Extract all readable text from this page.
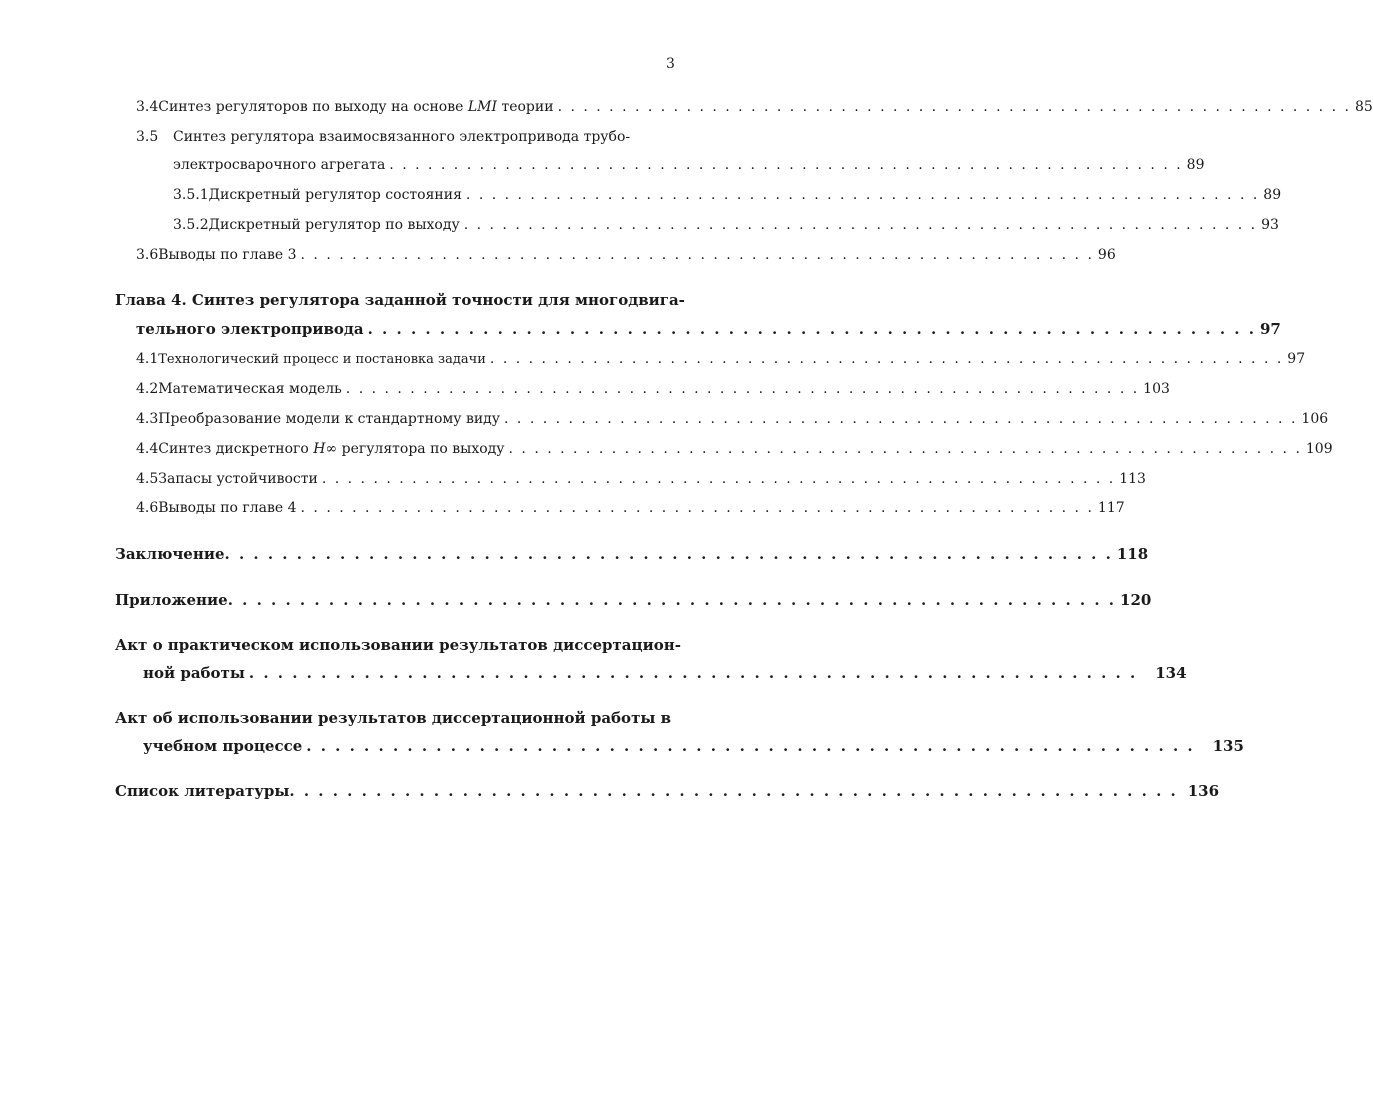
3
3.4 Синтез регуляторов по выходу на основе LMI теории . . . . . . . . . . . . . . . . . . . . . . . . . . . . . . . . . . . . . . . . . . . . . . . . . . . . . . . . . . . . . . 85
3.5 Синтез регулятора взаимосвязанного электропривода трубо-
электросварочного агрегата . . . . . . . . . . . . . . . . . . . . . . . . . . . . . . . . . . . . . . . . . . . . . . . . . . . . . . . . . . . . . . 89
3.5.1 Дискретный регулятор состояния . . . . . . . . . . . . . . . . . . . . . . . . . . . . . . . . . . . . . . . . . . . . . . . . . . . . . . . . . . . . . . 89
3.5.2 Дискретный регулятор по выходу . . . . . . . . . . . . . . . . . . . . . . . . . . . . . . . . . . . . . . . . . . . . . . . . . . . . . . . . . . . . . . 93
3.6 Выводы по главе 3 . . . . . . . . . . . . . . . . . . . . . . . . . . . . . . . . . . . . . . . . . . . . . . . . . . . . . . . . . . . . . . 96
Глава 4. Синтез регулятора заданной точности для многодвига-
тельного электропривода . . . . . . . . . . . . . . . . . . . . . . . . . . . . . . . . . . . . . . . . . . . . . . . . . . . . . . . . . . . . . . 97
4.1 Технологический процесс и постановка задачи . . . . . . . . . . . . . . . . . . . . . . . . . . . . . . . . . . . . . . . . . . . . . . . . . . . . . . . . . . . . . . 97
4.2 Математическая модель . . . . . . . . . . . . . . . . . . . . . . . . . . . . . . . . . . . . . . . . . . . . . . . . . . . . . . . . . . . . . . 103
4.3 Преобразование модели к стандартному виду . . . . . . . . . . . . . . . . . . . . . . . . . . . . . . . . . . . . . . . . . . . . . . . . . . . . . . . . . . . . . . 106
4.4 Синтез дискретного H∞ регулятора по выходу . . . . . . . . . . . . . . . . . . . . . . . . . . . . . . . . . . . . . . . . . . . . . . . . . . . . . . . . . . . . . . 109
4.5 Запасы устойчивости . . . . . . . . . . . . . . . . . . . . . . . . . . . . . . . . . . . . . . . . . . . . . . . . . . . . . . . . . . . . . . 113
4.6 Выводы по главе 4 . . . . . . . . . . . . . . . . . . . . . . . . . . . . . . . . . . . . . . . . . . . . . . . . . . . . . . . . . . . . . . 117
Заключение . . . . . . . . . . . . . . . . . . . . . . . . . . . . . . . . . . . . . . . . . . . . . . . . . . . . . . . . . . . . . . 118
Приложение . . . . . . . . . . . . . . . . . . . . . . . . . . . . . . . . . . . . . . . . . . . . . . . . . . . . . . . . . . . . . . 120
Акт о практическом использовании результатов диссертацион-
ной работы . . . . . . . . . . . . . . . . . . . . . . . . . . . . . . . . . . . . . . . . . . . . . . . . . . . . . . . . . . . . . . 134
Акт об использовании результатов диссертационной работы в
учебном процессе . . . . . . . . . . . . . . . . . . . . . . . . . . . . . . . . . . . . . . . . . . . . . . . . . . . . . . . . . . . . . . 135
Список литературы . . . . . . . . . . . . . . . . . . . . . . . . . . . . . . . . . . . . . . . . . . . . . . . . . . . . . . . . . . . . . . 136
